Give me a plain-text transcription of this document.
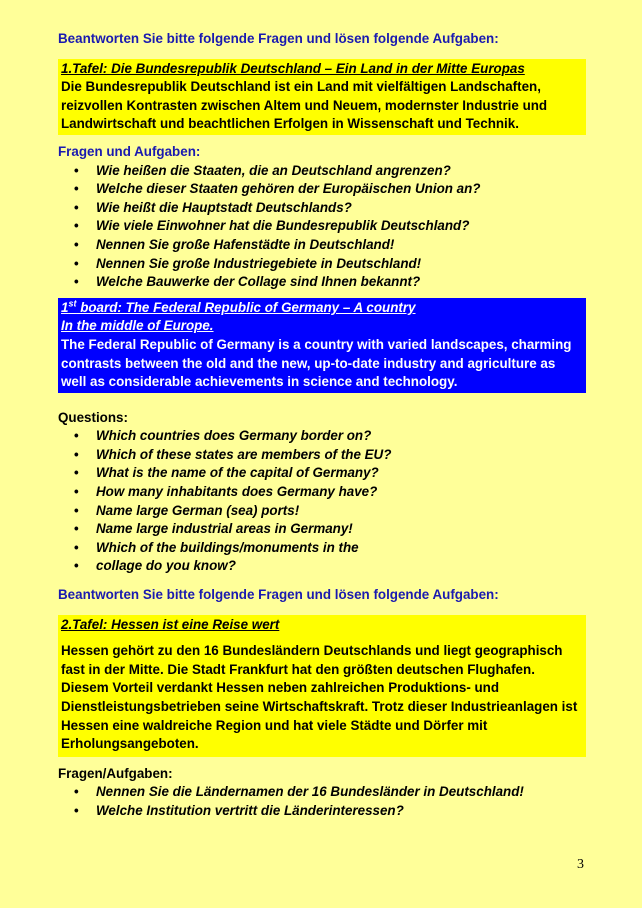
Beantworten Sie bitte folgende Fragen und lösen folgende Aufgaben:

1.Tafel: Die Bundesrepublik Deutschland – Ein Land in der Mitte Europas

Die Bundesrepublik Deutschland ist ein Land mit vielfältigen Landschaften, reizvollen Kontrasten zwischen Altem und Neuem, modernster Industrie und Landwirtschaft und beachtlichen Erfolgen in Wissenschaft und Technik.

Fragen und Aufgaben:

• Wie heißen die Staaten, die an Deutschland angrenzen?
• Welche dieser Staaten gehören der Europäischen Union an?
• Wie heißt die Hauptstadt Deutschlands?
• Wie viele Einwohner hat die Bundesrepublik Deutschland?
• Nennen Sie große Hafenstädte in Deutschland!
• Nennen Sie große Industriegebiete in Deutschland!
• Welche Bauwerke der Collage sind Ihnen bekannt?

1st board: The Federal Republic of Germany – A country

In the middle of Europe.

The Federal Republic of Germany is a country with varied landscapes, charming contrasts between the old and the new, up-to-date industry and agriculture as well as considerable achievements in science and technology.

Questions:

• Which countries does Germany border on?
• Which of these states are members of the EU?
• What is the name of the capital of Germany?
• How many inhabitants does Germany have?
• Name large German (sea) ports!
• Name large industrial areas in Germany!
• Which of the buildings/monuments in the
• collage do you know?

Beantworten Sie bitte folgende Fragen und lösen folgende Aufgaben:

2.Tafel: Hessen ist eine Reise wert

Hessen gehört zu den 16 Bundesländern Deutschlands und liegt geographisch fast in der Mitte. Die Stadt Frankfurt hat den größten deutschen Flughafen. Diesem Vorteil verdankt Hessen neben zahlreichen Produktions- und Dienstleistungsbetrieben seine Wirtschaftskraft. Trotz dieser Industrieanlagen ist Hessen eine waldreiche Region und hat viele Städte und Dörfer mit Erholungsangeboten.

Fragen/Aufgaben:

• Nennen Sie die Ländernamen der 16 Bundesländer in Deutschland!
• Welche Institution vertritt die Länderinteressen?
3
